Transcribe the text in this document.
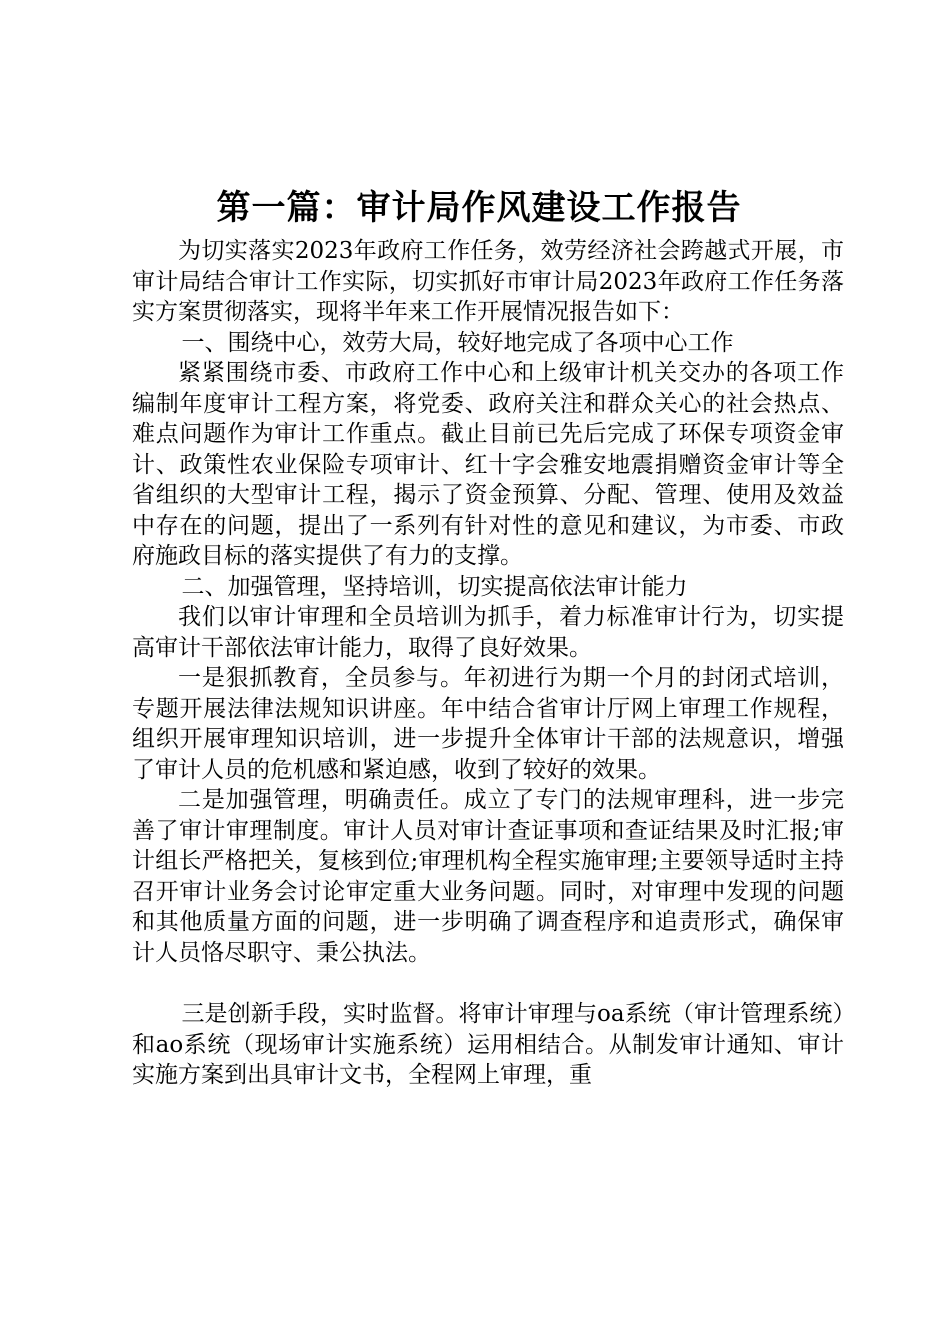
第一篇：审计局作风建设工作报告

为切实落实2023年政府工作任务，效劳经济社会跨越式开展，市审计局结合审计工作实际，切实抓好市审计局2023年政府工作任务落实方案贯彻落实，现将半年来工作开展情况报告如下：

一、围绕中心，效劳大局，较好地完成了各项中心工作

紧紧围绕市委、市政府工作中心和上级审计机关交办的各项工作编制年度审计工程方案，将党委、政府关注和群众关心的社会热点、难点问题作为审计工作重点。截止目前已先后完成了环保专项资金审计、政策性农业保险专项审计、红十字会雅安地震捐赠资金审计等全省组织的大型审计工程，揭示了资金预算、分配、管理、使用及效益中存在的问题，提出了一系列有针对性的意见和建议，为市委、市政府施政目标的落实提供了有力的支撑。

二、加强管理，坚持培训，切实提高依法审计能力

我们以审计审理和全员培训为抓手，着力标准审计行为，切实提高审计干部依法审计能力，取得了良好效果。

一是狠抓教育，全员参与。年初进行为期一个月的封闭式培训，专题开展法律法规知识讲座。年中结合省审计厅网上审理工作规程，组织开展审理知识培训，进一步提升全体审计干部的法规意识，增强了审计人员的危机感和紧迫感，收到了较好的效果。

二是加强管理，明确责任。成立了专门的法规审理科，进一步完善了审计审理制度。审计人员对审计查证事项和查证结果及时汇报;审计组长严格把关，复核到位;审理机构全程实施审理;主要领导适时主持召开审计业务会讨论审定重大业务问题。同时，对审理中发现的问题和其他质量方面的问题，进一步明确了调查程序和追责形式，确保审计人员恪尽职守、秉公执法。

三是创新手段，实时监督。将审计审理与oa系统（审计管理系统）和ao系统（现场审计实施系统）运用相结合。从制发审计通知、审计实施方案到出具审计文书，全程网上审理，重
